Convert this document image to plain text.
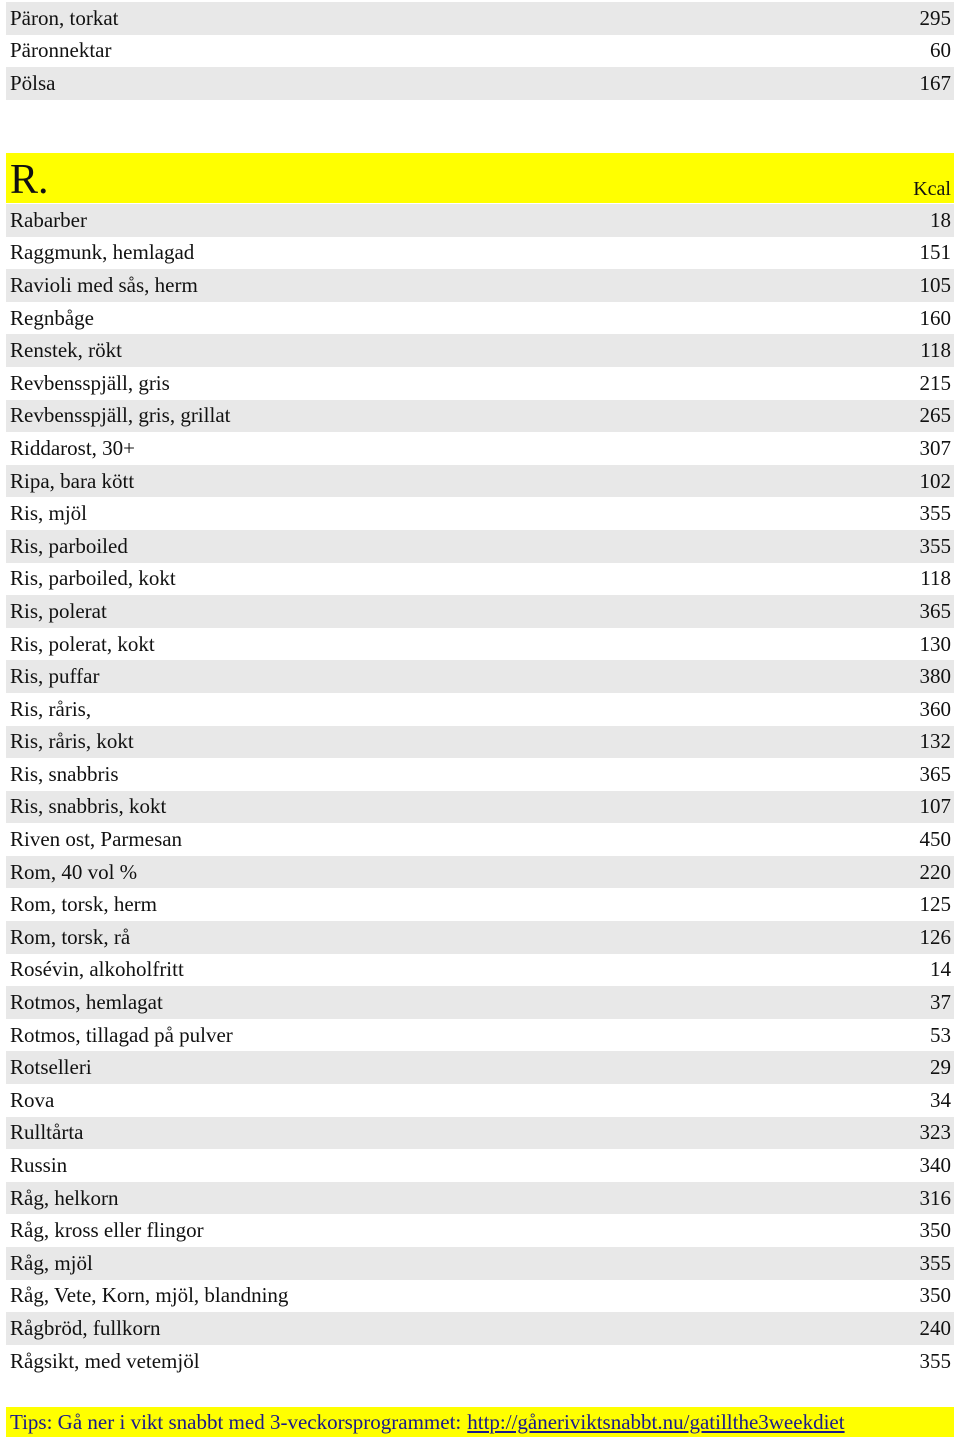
Päron, torkat	295
Päronnektar	60
Pölsa	167
R.	Kcal
Rabarber	18
Raggmunk, hemlagad	151
Ravioli med sås, herm	105
Regnbåge	160
Renstek, rökt	118
Revbensspjäll, gris	215
Revbensspjäll, gris, grillat	265
Riddarost, 30+	307
Ripa, bara kött	102
Ris, mjöl	355
Ris, parboiled	355
Ris, parboiled, kokt	118
Ris, polerat	365
Ris, polerat, kokt	130
Ris, puffar	380
Ris, råris,	360
Ris, råris, kokt	132
Ris, snabbris	365
Ris, snabbris, kokt	107
Riven ost, Parmesan	450
Rom, 40 vol %	220
Rom, torsk, herm	125
Rom, torsk, rå	126
Rosévin, alkoholfritt	14
Rotmos, hemlagat	37
Rotmos, tillagad på pulver	53
Rotselleri	29
Rova	34
Rulltårta	323
Russin	340
Råg, helkorn	316
Råg, kross eller flingor	350
Råg, mjöl	355
Råg, Vete, Korn, mjöl, blandning	350
Rågbröd, fullkorn	240
Rågsikt, med vetemjöl	355
Tips: Gå ner i vikt snabbt med 3-veckorsprogrammet: http://gåneriviktsnabbt.nu/gatillthe3weekdiet
